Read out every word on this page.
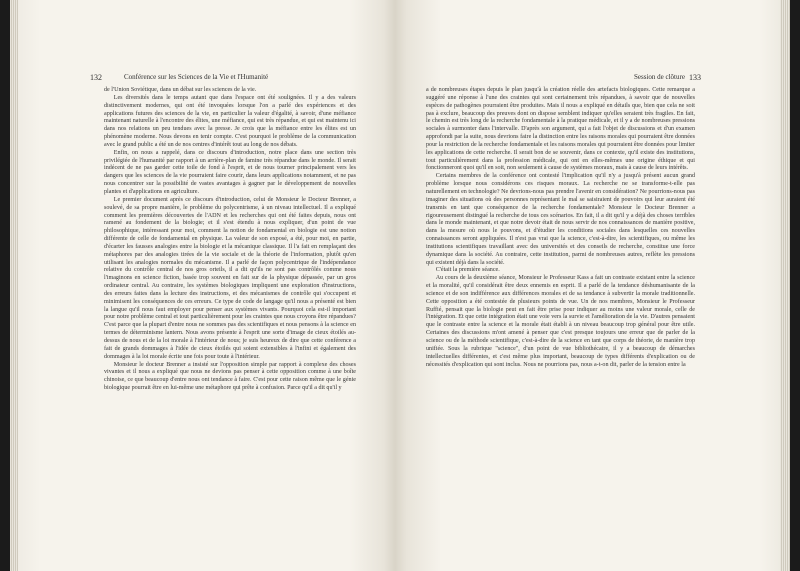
132	Conférence sur les Sciences de la Vie et l'Humanité

de l'Union Soviétique, dans un débat sur les sciences de la vie.

Les diversités dans le temps autant que dans l'espace ont été soulignées. Il y a des valeurs distinctivement modernes, qui ont été invoquées lorsque l'on a parlé des expériences et des applications futures des sciences de la vie, en particulier la valeur d'égalité, à savoir, d'une méfiance maintenant naturelle à l'encontre des élites, une méfiance, qui est très répandue, et qui est maintenu ici dans nos relations un peu tendues avec la presse. Je crois que la méfiance entre les élites est un phénomène moderne. Nous devons en tenir compte. C'est pourquoi le problème de la communication avec le grand public a été un de nos centres d'intérêt tout au long de nos débats.

Enfin, on nous a rappelé, dans ce discours d'introduction, notre place dans une section très privilégiée de l'humanité par rapport à un arrière-plan de famine très répandue dans le monde. Il serait indécent de ne pas garder cette toile de fond à l'esprit, et de nous tourner principalement vers les dangers que les sciences de la vie pourraient faire courir, dans leurs applications notamment, et ne pas nous concentrer sur la possibilité de vastes avantages à gagner par le développement de nouvelles plantes et d'applications en agriculture.

Le premier document après ce discours d'introduction, celui de Monsieur le Docteur Brenner, a soulevé, de sa propre manière, le problème du polycentrisme, à un niveau intellectuel. Il a expliqué comment les premières découvertes de l'ADN et les recherches qui ont été faites depuis, nous ont ramené au fondement de la biologie; et il s'est étendu à nous expliquer, d'un point de vue philosophique, intéressant pour moi, comment la notion de fondamental en biologie est une notion différente de celle de fondamental en physique. La valeur de son exposé, a été, pour moi, en partie, d'écarter les fausses analogies entre la biologie et la mécanique classique. Il l'a fait en remplaçant des métaphores par des analogies tirées de la vie sociale et de la théorie de l'information, plutôt qu'en utilisant les analogies normales du mécanisme. Il a parlé de façon polycentrique de l'indépendance relative du contrôle central de nos gros orteils, il a dit qu'ils ne sont pas contrôlés comme nous l'imaginons en science fiction, basée trop souvent en fait sur de la physique dépassée, par un gros ordinateur central. Au contraire, les systèmes biologiques impliquent une exploration d'instructions, des erreurs faites dans la lecture des instructions, et des mécanismes de contrôle qui s'occupent et minimisent les conséquences de ces erreurs. Ce type de code de langage qu'il nous a présenté est bien la langue qu'il nous faut employer pour penser aux systèmes vivants. Pourquoi cela est-il important pour notre problème central et tout particulièrement pour les craintes que nous croyons être répandues? C'est parce que la plupart d'entre nous ne sommes pas des scientifiques et nous pensons à la science en termes de déterminisme lantern. Nous avons présente à l'esprit une sorte d'image de cieux étoilés au-dessus de nous et de la loi morale à l'intérieur de nous; je suis heureux de dire que cette conférence a fait de grands dommages à l'idée de cieux étoilés qui soient extensibles à l'infini et également des dommages à la loi morale écrite une fois pour toute à l'intérieur.

Monsieur le docteur Brenner a insisté sur l'opposition simple par rapport à complexe des choses vivantes et il nous a expliqué que nous ne devions pas penser à cette opposition comme à une boîte chinoise, ce que beaucoup d'entre nous ont tendance à faire. C'est pour cette raison même que le génie biologique pourrait être en lui-même une métaphore qui prête à confusion. Parce qu'il a dit qu'il y

Session de clôture 133

a de nombreuses étapes depuis le plan jusqu'à la création réelle des artefacts biologiques. Cette remarque a suggéré une réponse à l'une des craintes qui sont certainement très répandues, à savoir que de nouvelles espèces de pathogènes pourraient être produites. Mais il nous a expliqué en détails que, bien que cela ne soit pas à exclure, beaucoup des preuves dont on dispose semblent indiquer qu'elles seraient très fragiles. En fait, le chemin est très long de la recherche fondamentale à la pratique médicale, et il y a de nombreuses pressions sociales à surmonter dans l'intervalle. D'après son argument, qui a fait l'objet de discussions et d'un examen approfondi par la suite, nous devrions faire la distinction entre les raisons morales qui pourraient être données pour la restriction de la recherche fondamentale et les raisons morales qui pourraient être données pour limiter les applications de cette recherche. Il serait bon de se souvenir, dans ce contexte, qu'il existe des institutions, tout particulièrement dans la profession médicale, qui ont en elles-mêmes une origine éthique et qui fonctionneront quoi qu'il en soit, non seulement à cause de systèmes moraux, mais à cause de leurs intérêts.

Certains membres de la conférence ont contesté l'implication qu'il n'y a jusqu'à présent aucun grand problème lorsque nous considérons ces risques moraux. La recherche ne se transforme-t-elle pas naturellement en technologie? Ne devrions-nous pas prendre l'avenir en considération? Ne pourrions-nous pas imaginer des situations où des personnes représentant le mal se saisiraient de pouvoirs qui leur auraient été transmis en tant que conséquence de la recherche fondamentale? Monsieur le Docteur Brenner a rigoureusement distingué la recherche de tous ces scénarios. En fait, il a dit qu'il y a déjà des choses terribles dans le monde maintenant, et que notre devoir était de nous servir de nos connaissances de manière positive, dans la mesure où nous le pouvons, et d'étudier les conditions sociales dans lesquelles ces nouvelles connaissances seront appliquées. Il n'est pas vrai que la science, c'est-à-dire, les scientifiques, ou même les institutions scientifiques travaillant avec des universités et des conseils de recherche, constitue une force dynamique dans la société. Au contraire, cette institution, parmi de nombreuses autres, reflète les pressions qui existent déjà dans la société.

C'était la première séance.

Au cours de la deuxième séance, Monsieur le Professeur Kass a fait un contraste existant entre la science et la moralité, qu'il considérait être deux ennemis en esprit. Il a parlé de la tendance déshumanisante de la science et de son indifférence aux différences morales et de sa tendance à subvertir la morale traditionnelle. Cette opposition a été contestée de plusieurs points de vue. Un de nos membres, Monsieur le Professeur Ruffié, pensait que la biologie peut en fait être prise pour indiquer au moins une valeur morale, celle de l'intégration. Et que cette intégration était une voie vers la survie et l'amélioration de la vie. D'autres pensaient que le contraste entre la science et la morale était établi à un niveau beaucoup trop général pour être utile. Certaines des discussions m'ont amené à penser que c'est presque toujours une erreur que de parler de la science ou de la méthode scientifique, c'est-à-dire de la science en tant que corps de théorie, de manière trop unifiée. Sous la rubrique "science", d'un point de vue bibliothécaire, il y a beaucoup de démarches intellectuelles différentes, et c'est même plus important, beaucoup de types différents d'explication ou de nécessités d'explication qui sont inclus. Nous ne pourrions pas, nous a-t-on dit, parler de la tension entre la
